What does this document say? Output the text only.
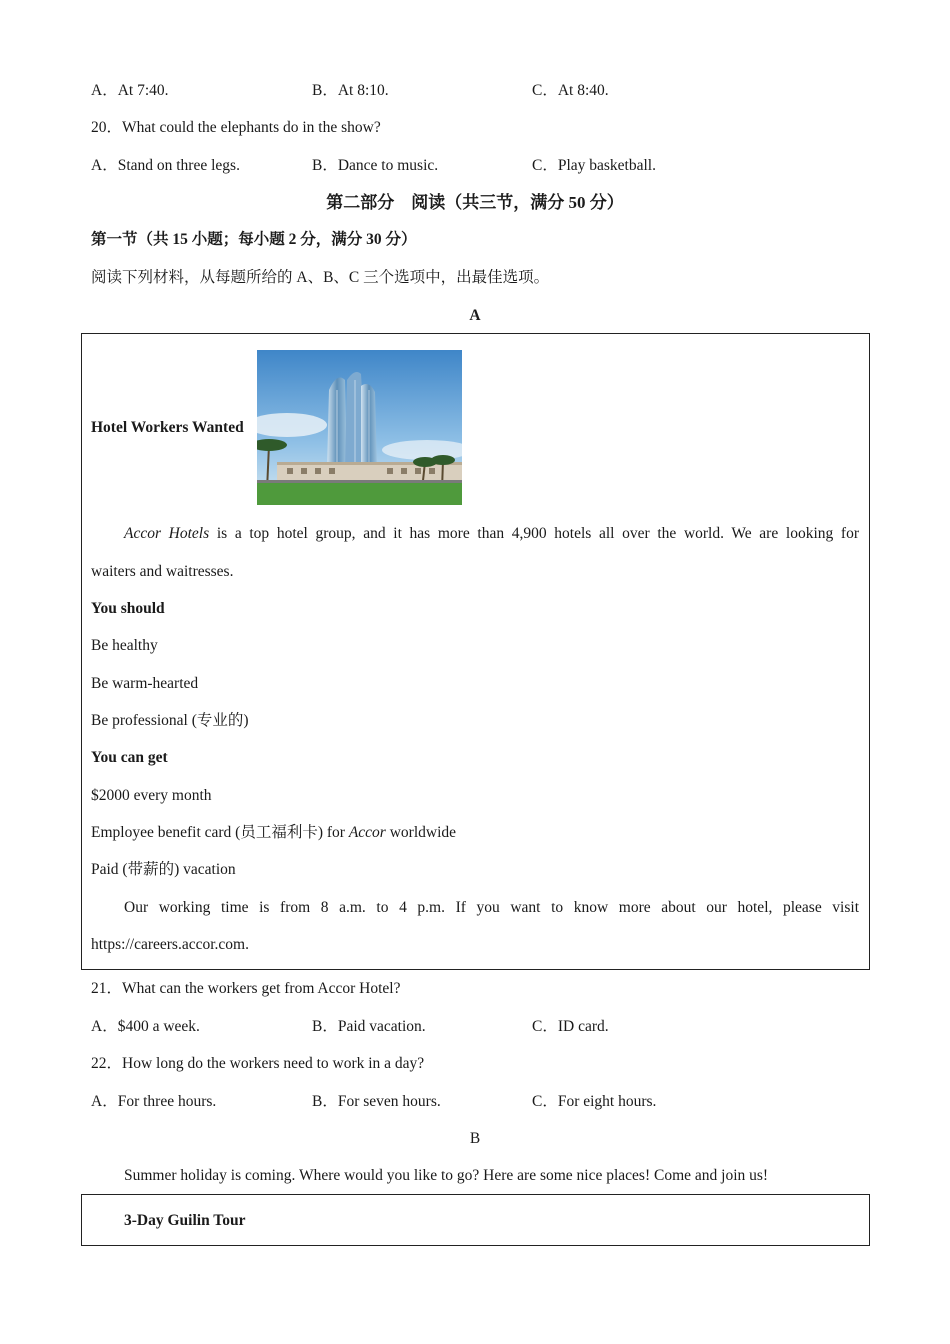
A．At 7:40.	B．At 8:10.	C．At 8:40.
20．What could the elephants do in the show?
A．Stand on three legs.	B．Dance to music.	C．Play basketball.
第二部分　阅读（共三节，满分 50 分）
第一节（共 15 小题；每小题 2 分，满分 30 分）
阅读下列材料，从每题所给的 A、B、C 三个选项中，出最佳选项。
A
Hotel Workers Wanted
Accor Hotels is a top hotel group, and it has more than 4,900 hotels all over the world. We are looking for
waiters and waitresses.
You should
Be healthy
Be warm-hearted
Be professional (专业的)
You can get
$2000 every month
Employee benefit card (员工福利卡) for Accor worldwide
Paid (带薪的) vacation
Our working time is from 8 a.m. to 4 p.m. If you want to know more about our hotel, please visit
https://careers.accor.com.
21．What can the workers get from Accor Hotel?
A．$400 a week.	B．Paid vacation.	C．ID card.
22．How long do the workers need to work in a day?
A．For three hours.	B．For seven hours.	C．For eight hours.
B
Summer holiday is coming. Where would you like to go? Here are some nice places! Come and join us!
3-Day Guilin Tour
